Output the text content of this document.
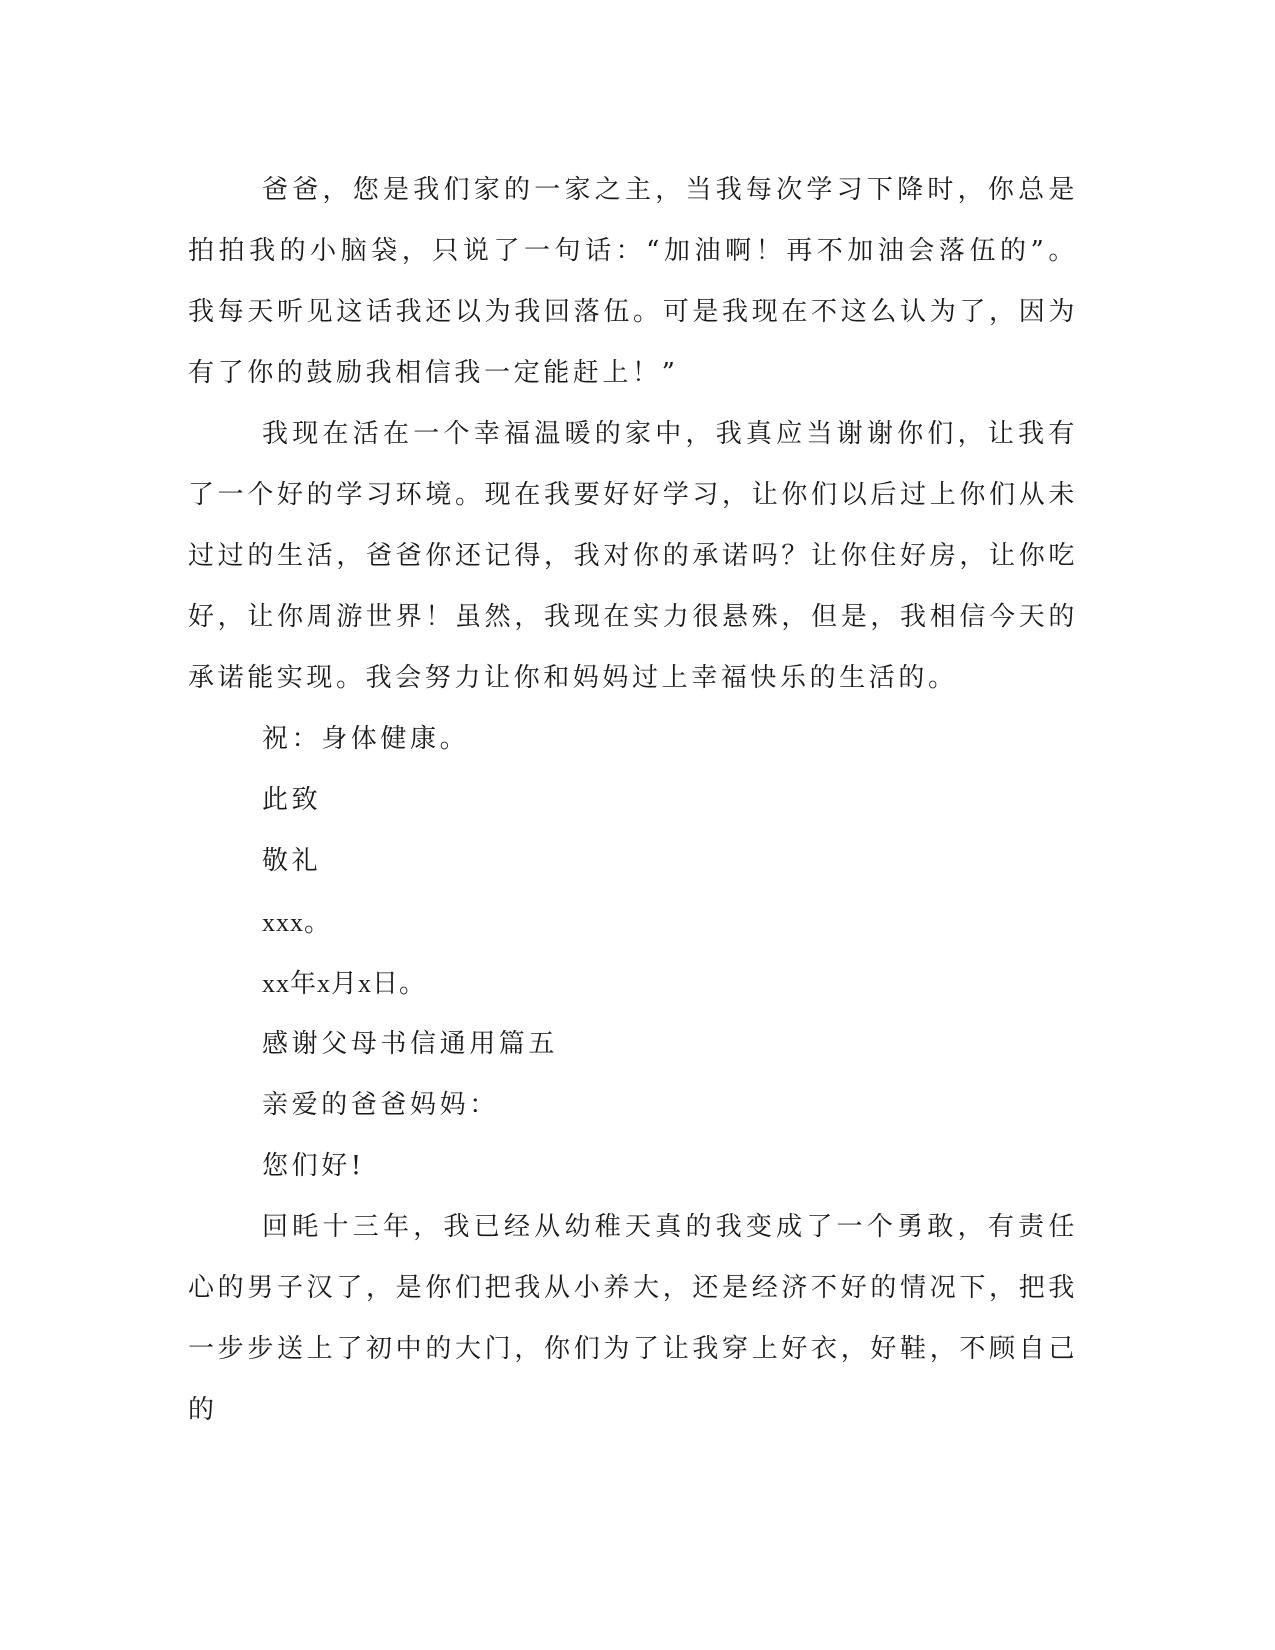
爸爸，您是我们家的一家之主，当我每次学习下降时，你总是拍拍我的小脑袋，只说了一句话：“加油啊！再不加油会落伍的”。我每天听见这话我还以为我回落伍。可是我现在不这么认为了，因为有了你的鼓励我相信我一定能赶上！”

我现在活在一个幸福温暖的家中，我真应当谢谢你们，让我有了一个好的学习环境。现在我要好好学习，让你们以后过上你们从未过过的生活，爸爸你还记得，我对你的承诺吗？让你住好房，让你吃好，让你周游世界！虽然，我现在实力很悬殊，但是，我相信今天的承诺能实现。我会努力让你和妈妈过上幸福快乐的生活的。

祝：身体健康。

此致

敬礼

xxx。

xx年x月x日。

感谢父母书信通用篇五

亲爱的爸爸妈妈：

您们好!

回眊十三年，我已经从幼稚天真的我变成了一个勇敢，有责任心的男子汉了，是你们把我从小养大，还是经济不好的情况下，把我一步步送上了初中的大门，你们为了让我穿上好衣，好鞋，不顾自己的
